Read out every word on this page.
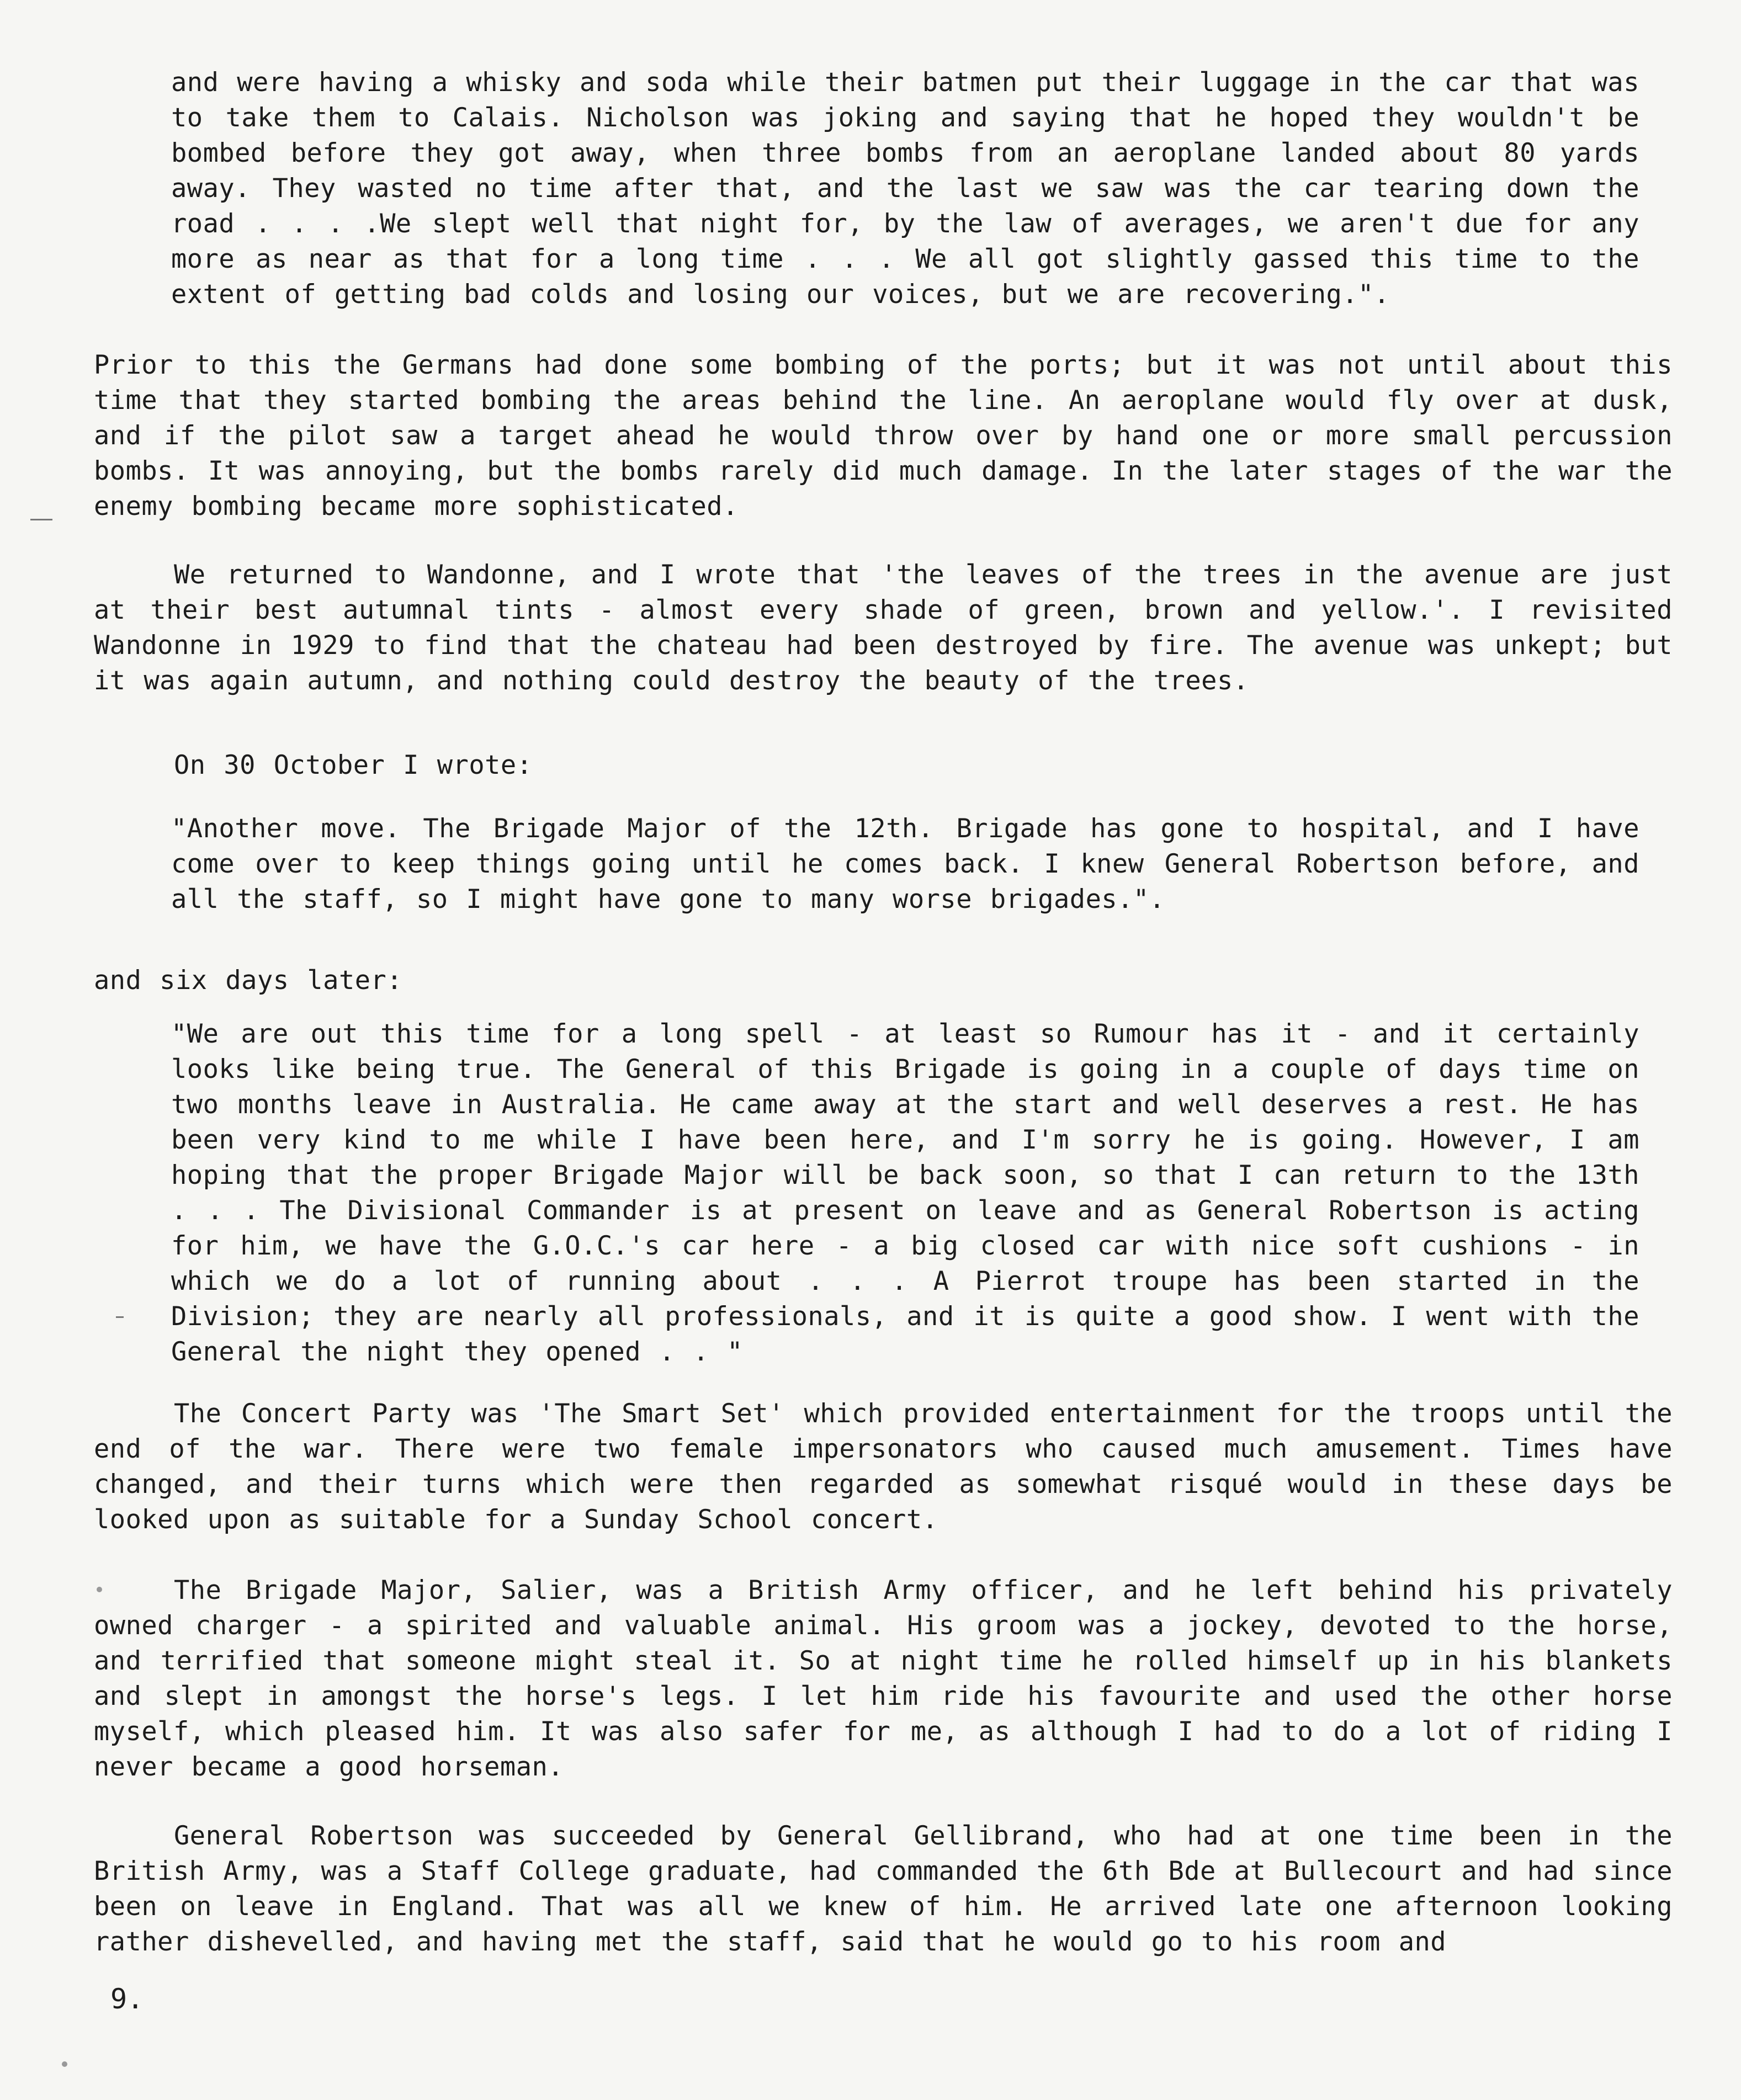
and were having a whisky and soda while their batmen put their luggage in the car that was to take them to Calais. Nicholson was joking and saying that he hoped they wouldn't be bombed before they got away, when three bombs from an aeroplane landed about 80 yards away. They wasted no time after that, and the last we saw was the car tearing down the road . . . .We slept well that night for, by the law of averages, we aren't due for any more as near as that for a long time . . . We all got slightly gassed this time to the extent of getting bad colds and losing our voices, but we are recovering.".

Prior to this the Germans had done some bombing of the ports; but it was not until about this time that they started bombing the areas behind the line. An aeroplane would fly over at dusk, and if the pilot saw a target ahead he would throw over by hand one or more small percussion bombs. It was annoying, but the bombs rarely did much damage. In the later stages of the war the enemy bombing became more sophisticated.

We returned to Wandonne, and I wrote that 'the leaves of the trees in the avenue are just at their best autumnal tints - almost every shade of green, brown and yellow.'. I revisited Wandonne in 1929 to find that the chateau had been destroyed by fire. The avenue was unkept; but it was again autumn, and nothing could destroy the beauty of the trees.

On 30 October I wrote:

"Another move. The Brigade Major of the 12th. Brigade has gone to hospital, and I have come over to keep things going until he comes back. I knew General Robertson before, and all the staff, so I might have gone to many worse brigades.".

and six days later:

"We are out this time for a long spell - at least so Rumour has it - and it certainly looks like being true. The General of this Brigade is going in a couple of days time on two months leave in Australia. He came away at the start and well deserves a rest. He has been very kind to me while I have been here, and I'm sorry he is going. However, I am hoping that the proper Brigade Major will be back soon, so that I can return to the 13th . . . The Divisional Commander is at present on leave and as General Robertson is acting for him, we have the G.O.C.'s car here - a big closed car with nice soft cushions - in which we do a lot of running about . . . A Pierrot troupe has been started in the Division; they are nearly all professionals, and it is quite a good show. I went with the General the night they opened . . "

The Concert Party was 'The Smart Set' which provided entertainment for the troops until the end of the war. There were two female impersonators who caused much amusement. Times have changed, and their turns which were then regarded as somewhat risqué would in these days be looked upon as suitable for a Sunday School concert.

The Brigade Major, Salier, was a British Army officer, and he left behind his privately owned charger - a spirited and valuable animal. His groom was a jockey, devoted to the horse, and terrified that someone might steal it. So at night time he rolled himself up in his blankets and slept in amongst the horse's legs. I let him ride his favourite and used the other horse myself, which pleased him. It was also safer for me, as although I had to do a lot of riding I never became a good horseman.

General Robertson was succeeded by General Gellibrand, who had at one time been in the British Army, was a Staff College graduate, had commanded the 6th Bde at Bullecourt and had since been on leave in England. That was all we knew of him. He arrived late one afternoon looking rather dishevelled, and having met the staff, said that he would go to his room and

9.
